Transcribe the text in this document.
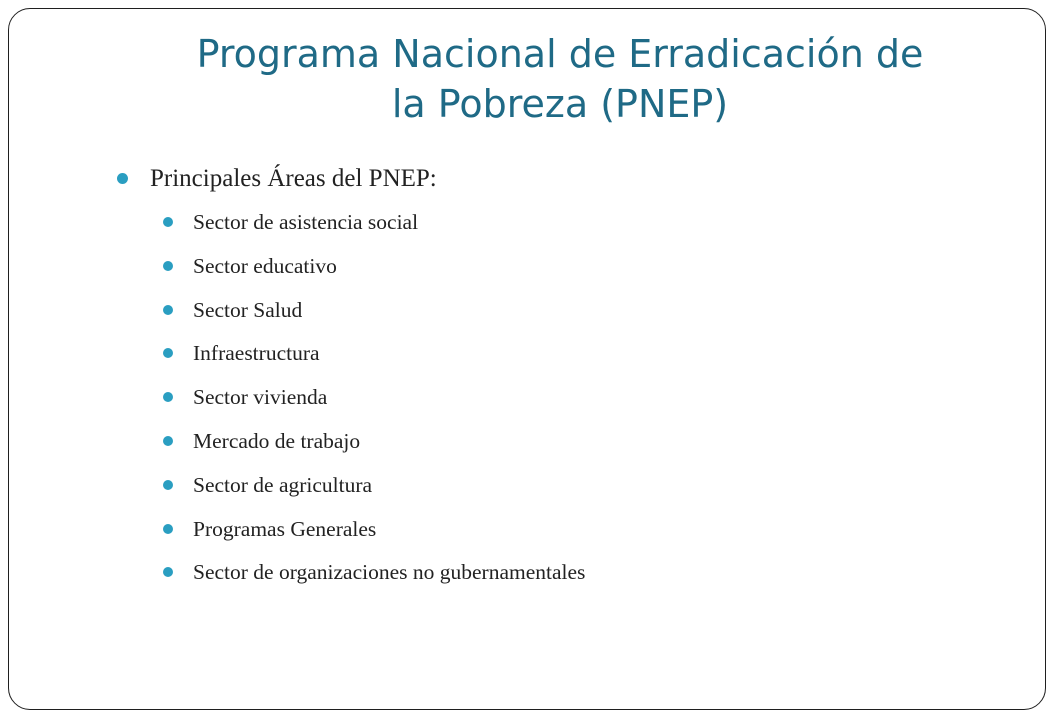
Programa Nacional de Erradicación de
la Pobreza (PNEP)
Principales Áreas del PNEP:
Sector de asistencia social
Sector educativo
Sector Salud
Infraestructura
Sector vivienda
Mercado de trabajo
Sector de agricultura
Programas Generales
Sector de organizaciones no gubernamentales
